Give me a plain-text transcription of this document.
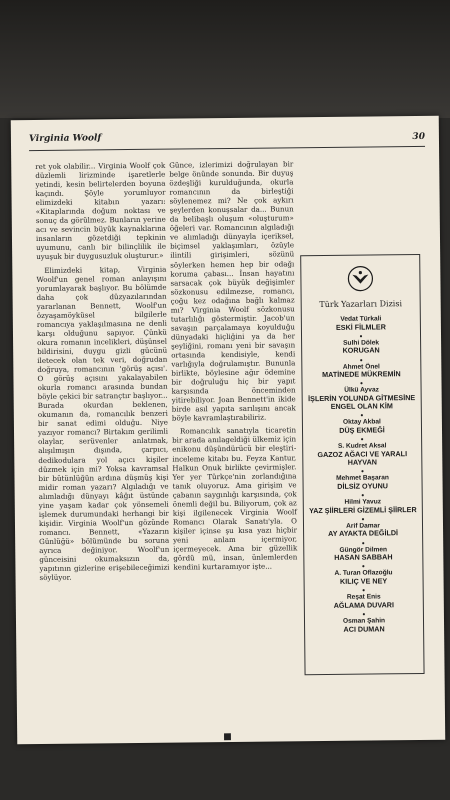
Virginia Woolf	30

ret yok olabilir... Virginia Woolf çok düzlemli lirizminde işaretlerle yetindi, kesin belirtelerden boyuna kaçındı. Şöyle yorumluyor elimizdeki kitabın yazarı: «Kitaplarında doğum noktası ve sonuç da görülmez. Bunların yerine acı ve sevincin büyük kaynaklarına insanların gözetdiği tepkinin uyumunu, canlı bir bilinçlilik ile uyuşuk bir duygusuzluk oluşturur.»

Elimizdeki kitap, Virginia Woolf'un genel roman anlayışını yorumlayarak başlıyor. Bu bölümde daha çok düzyazılarından yararlanan Bennett, Woolf'un özyaşamöyküsel bilgilerle romancıya yaklaşılmasına ne denli karşı olduğunu sapıyor. Çünkü okura romanın incelikleri, düşünsel bildirisini, duygu gizli gücünü iletecek olan tek veri, doğrudan doğruya, romancının 'görüş açısı'. O görüş açısını yakalayabilen okurla romancı arasında bundan böyle çekici bir satrançtır başlıyor... Burada okurdan beklenen, okumanın da, romancılık benzeri bir sanat edimi olduğu. Niye yazıyor romancı? Birtakım gerilimli olaylar, serüvenler anlatmak, alışılmışın dışında, çarpıcı, dedikodulara yol açıcı kişiler düzmek için mi? Yoksa kavramsal bir bütünlüğün ardına düşmüş kişi midir roman yazarı? Algıladığı ve alımladığı dünyayı kâğıt üstünde yine yaşam kadar çok yönsemeli işlemek durumundaki herhangi bir kişidir. Virginia Woolf'un gözünde romancı. Bennett, «Yazarın Günlüğü» bölümünde bu soruna ayrıca değiniyor. Woolf'un günceisini okumaksızın da, yapıtının gizlerine erişebileceğimizi söylüyor.

Günce, izlerimizi doğrulayan bir belge önünde sonunda. Bir duyuş özdeşliği kurulduğunda, okurla romancının da birleştiği söylenemez mi? Ne çok aykırı şeylerden konuşsalar da... Bunun da belibaşlı oluşum «oluşturum» öğeleri var. Romancının algıladığı ve alımladığı dünyayla içerikseł, biçimsel yaklaşımları, özüyle ilintili girişimleri, sözünü söylerken hemen hep bir odağı koruma çabası... İnsan hayatını sarsacak çok büyük değişimler sözkonusu edilmezse, romancı, çoğu kez odağına bağlı kalmaz mı? Virginia Woolf sözkonusu tutarlılığı göstermiştir. Jacob'un savaşın parçalamaya koyulduğu dünyadaki hiçliğini ya da her şeyliğini, romanı yeni bir savaşın ortasında kendisiyle, kendi varlığıyla doğrulamıştır. Bununla birlikte, böylesine ağır ödemine bir doğruluğu hiç bir yapıt karşısında önceminden yitirebiliyor. Joan Bennett'in ikide birde asıl yapıta sarılışını ancak böyle kavramlaştırabiliriz.

Romancılık sanatıyla ticaretin bir arada anılageldiği ülkemiz için enikonu düşündürücü bir eleştiri-inceleme kitabı bu. Feyza Kantur, Halkun Onuk birlikte çevirmişler. Yer yer Türkçe'nin zorlandığına tanık oluyoruz. Ama girişim ve çabanın saygınlığı karşısında, çok önemli değil bu. Biliyorum, çok az kişi ilgilenecek Virginia Woolf Romancı Olarak Sanatı'yla. O kişiler içinse şu kısa yazı hiçbir yeni anlam içermiyor, içermeyecek. Ama bir güzellik gördü mü, insan, ünlemlerden kendini kurtaramıyor işte...

■
Türk Yazarları Dizisi
Vedat Türkali
ESKİ FİLMLER
●
Sulhi Dölek
KORUGAN
●
Ahmet Önel
MATİNEDE MÜKREMİN
●
Ülkü Ayvaz
İŞLERİN YOLUNDA GİTMESİNE ENGEL OLAN KİM
●
Oktay Akbal
DÜŞ EKMEĞİ
●
S. Kudret Aksal
GAZOZ AĞACI VE YARALI HAYVAN
●
Mehmet Başaran
DİLSİZ OYUNU
●
Hilmi Yavuz
YAZ ŞİİRLERİ GİZEMLİ ŞİİRLER
●
Arif Damar
AY AYAKTA DEĞİLDİ
●
Güngör Dilmen
HASAN SABBAH
●
A. Turan Oflazoğlu
KILIÇ VE NEY
●
Reşat Enis
AĞLAMA DUVARI
●
Osman Şahin
ACI DUMAN
